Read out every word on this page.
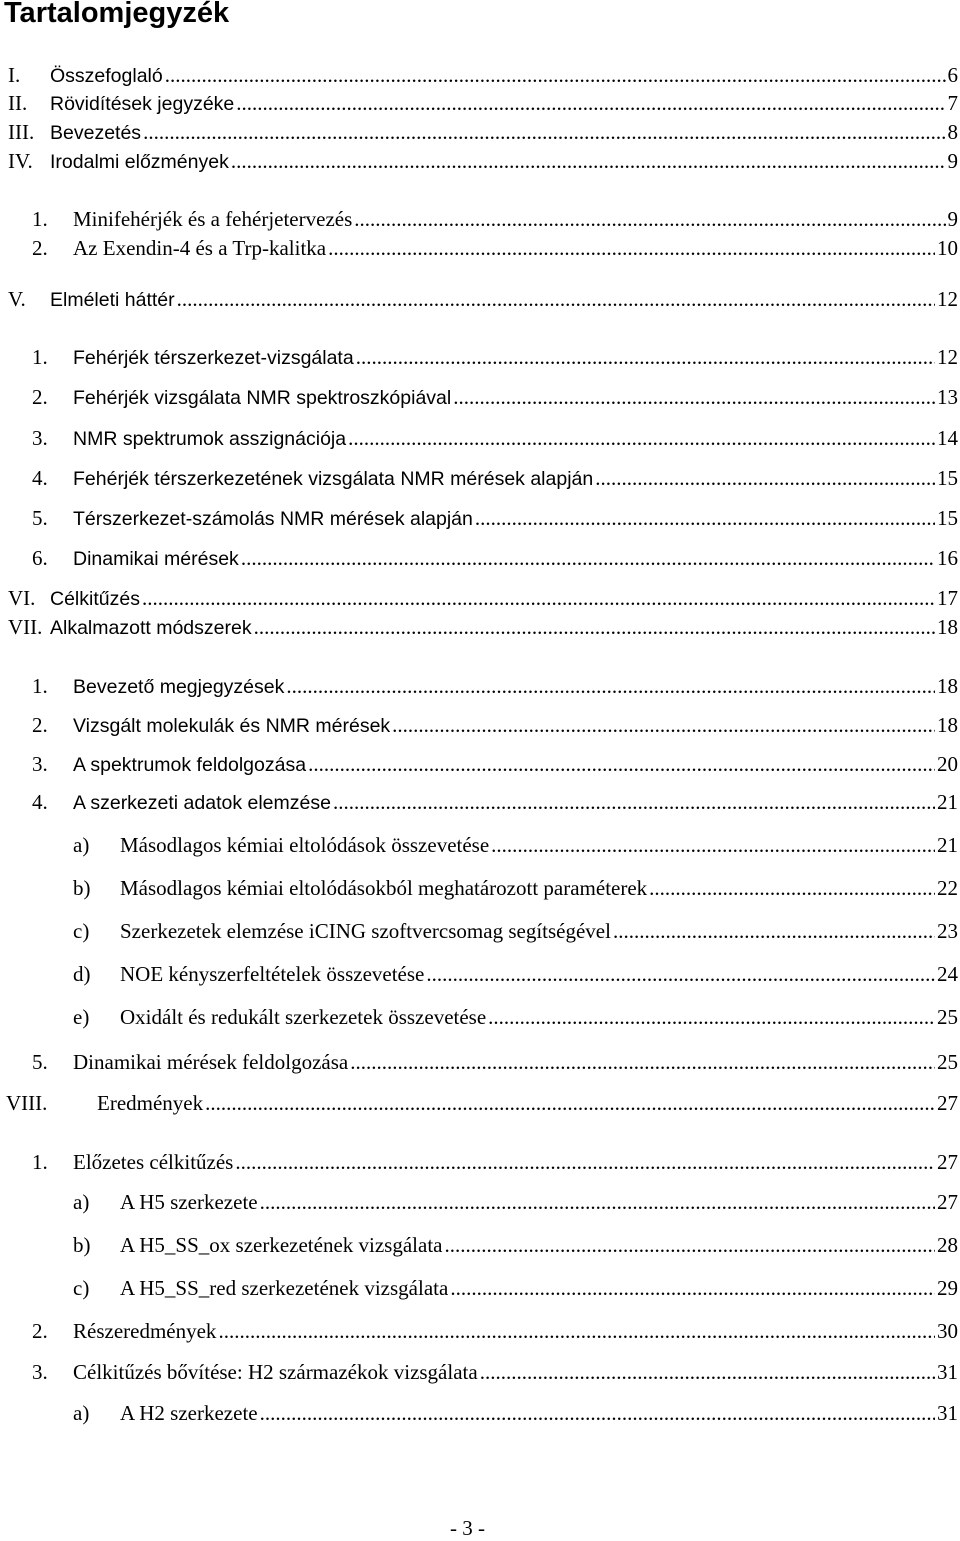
Tartalomjegyzék
I. Összefoglaló .....	6
II. Rövidítések jegyzéke .....	7
III. Bevezetés .....	8
IV. Irodalmi előzmények .....	9
1. Minifehérjék és a fehérjetervezés .....	9
2. Az Exendin-4 és a Trp-kalitka .....	10
V. Elméleti háttér .....	12
1. Fehérjék térszerkezet-vizsgálata .....	12
2. Fehérjék vizsgálata NMR spektroszkópiával .....	13
3. NMR spektrumok asszignációja .....	14
4. Fehérjék térszerkezetének vizsgálata NMR mérések alapján .....	15
5. Térszerkezet-számolás NMR mérések alapján .....	15
6. Dinamikai mérések .....	16
VI. Célkitűzés .....	17
VII. Alkalmazott módszerek .....	18
1. Bevezető megjegyzések .....	18
2. Vizsgált molekulák és NMR mérések .....	18
3. A spektrumok feldolgozása .....	20
4. A szerkezeti adatok elemzése .....	21
a) Másodlagos kémiai eltolódások összevetése .....	21
b) Másodlagos kémiai eltolódásokból meghatározott paraméterek .....	22
c) Szerkezetek elemzése iCING szoftvercsomag segítségével .....	23
d) NOE kényszerfeltételek összevetése .....	24
e) Oxidált és redukált szerkezetek összevetése .....	25
5. Dinamikai mérések feldolgozása .....	25
VIII. Eredmények .....	27
1. Előzetes célkitűzés .....	27
a) A H5 szerkezete .....	27
b) A H5_SS_ox szerkezetének vizsgálata .....	28
c) A H5_SS_red szerkezetének vizsgálata .....	29
2. Részeredmények .....	30
3. Célkitűzés bővítése: H2 származékok vizsgálata .....	31
a) A H2 szerkezete .....	31
- 3 -
